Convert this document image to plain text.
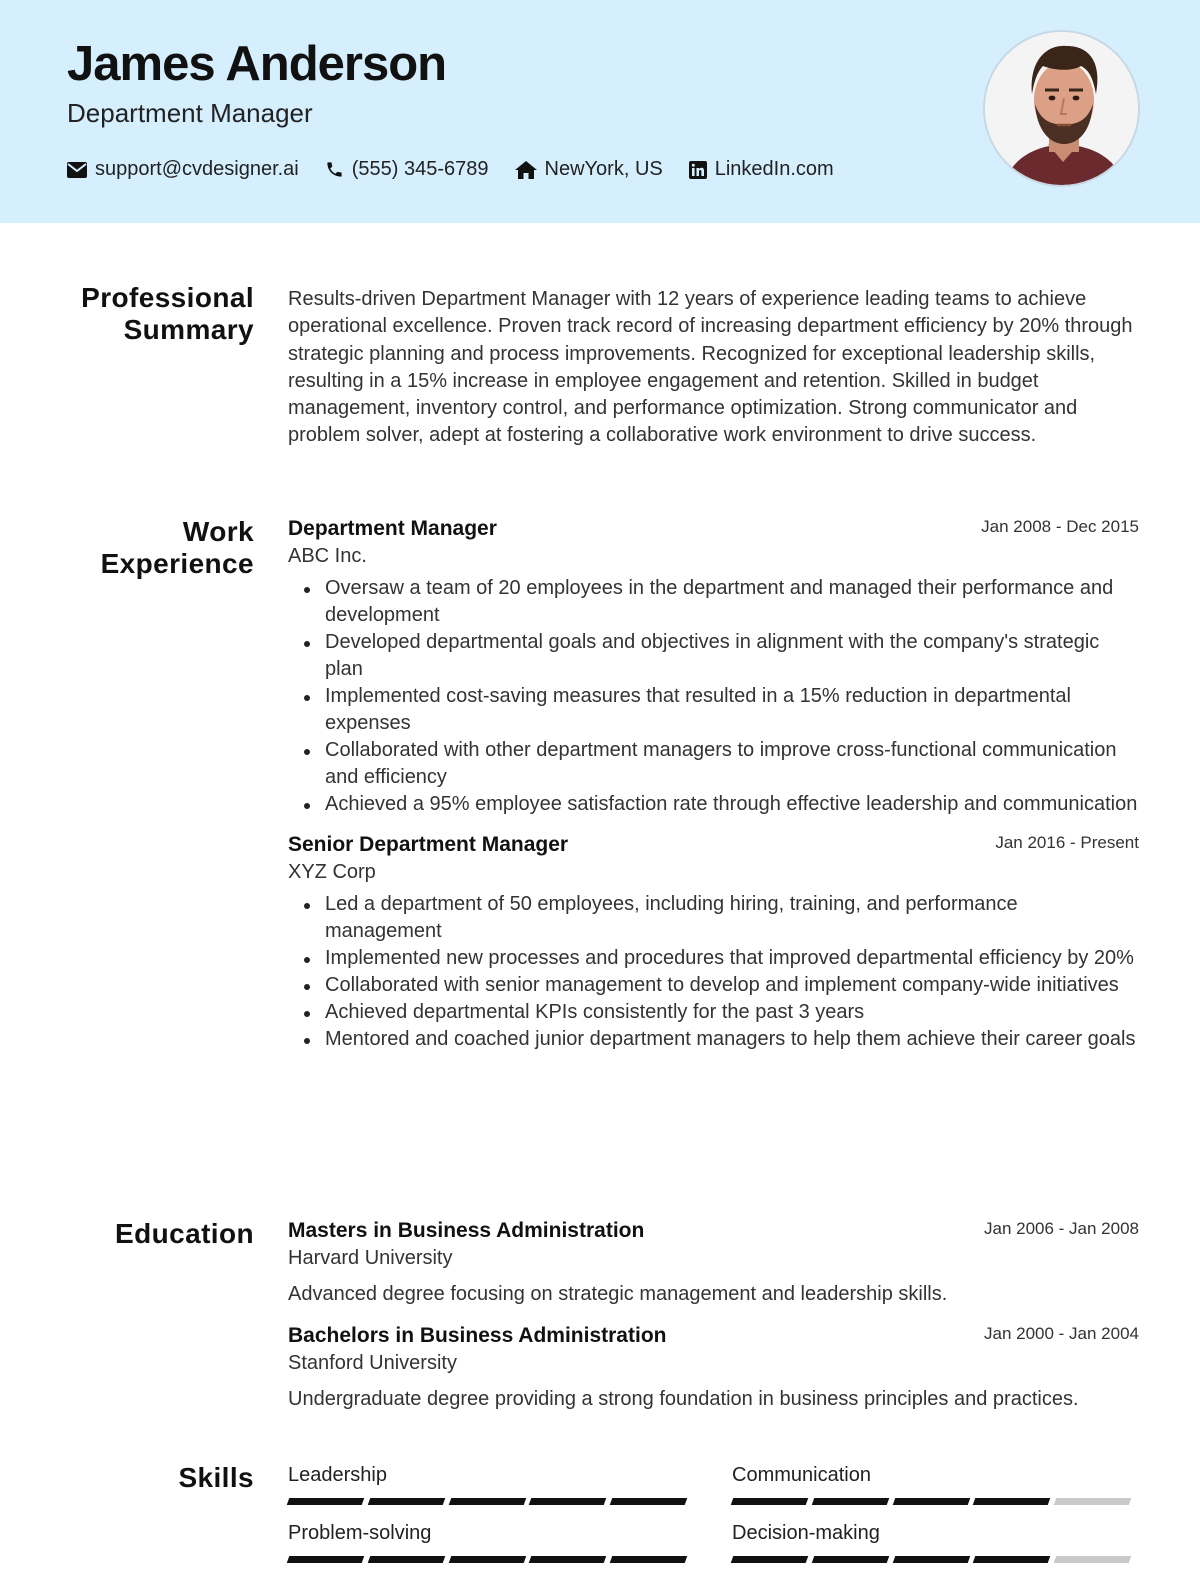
James Anderson
Department Manager
support@cvdesigner.ai	(555) 345-6789	NewYork, US	LinkedIn.com
Professional
Summary

Results-driven Department Manager with 12 years of experience leading teams to achieve operational excellence. Proven track record of increasing department efficiency by 20% through strategic planning and process improvements. Recognized for exceptional leadership skills, resulting in a 15% increase in employee engagement and retention. Skilled in budget management, inventory control, and performance optimization. Strong communicator and problem solver, adept at fostering a collaborative work environment to drive success.

Work
Experience
Department Manager	Jan 2008 - Dec 2015
ABC Inc.
Oversaw a team of 20 employees in the department and managed their performance and development
Developed departmental goals and objectives in alignment with the company's strategic plan
Implemented cost-saving measures that resulted in a 15% reduction in departmental expenses
Collaborated with other department managers to improve cross-functional communication and efficiency
Achieved a 95% employee satisfaction rate through effective leadership and communication
Senior Department Manager	Jan 2016 - Present
XYZ Corp
Led a department of 50 employees, including hiring, training, and performance management
Implemented new processes and procedures that improved departmental efficiency by 20%
Collaborated with senior management to develop and implement company-wide initiatives
Achieved departmental KPIs consistently for the past 3 years
Mentored and coached junior department managers to help them achieve their career goals
Education Masters in Business Administration	Jan 2006 - Jan 2008
Harvard University
Advanced degree focusing on strategic management and leadership skills.
Bachelors in Business Administration	Jan 2000 - Jan 2004
Stanford University
Undergraduate degree providing a strong foundation in business principles and practices.
Skills Leadership	Communication
Problem-solving	Decision-making
